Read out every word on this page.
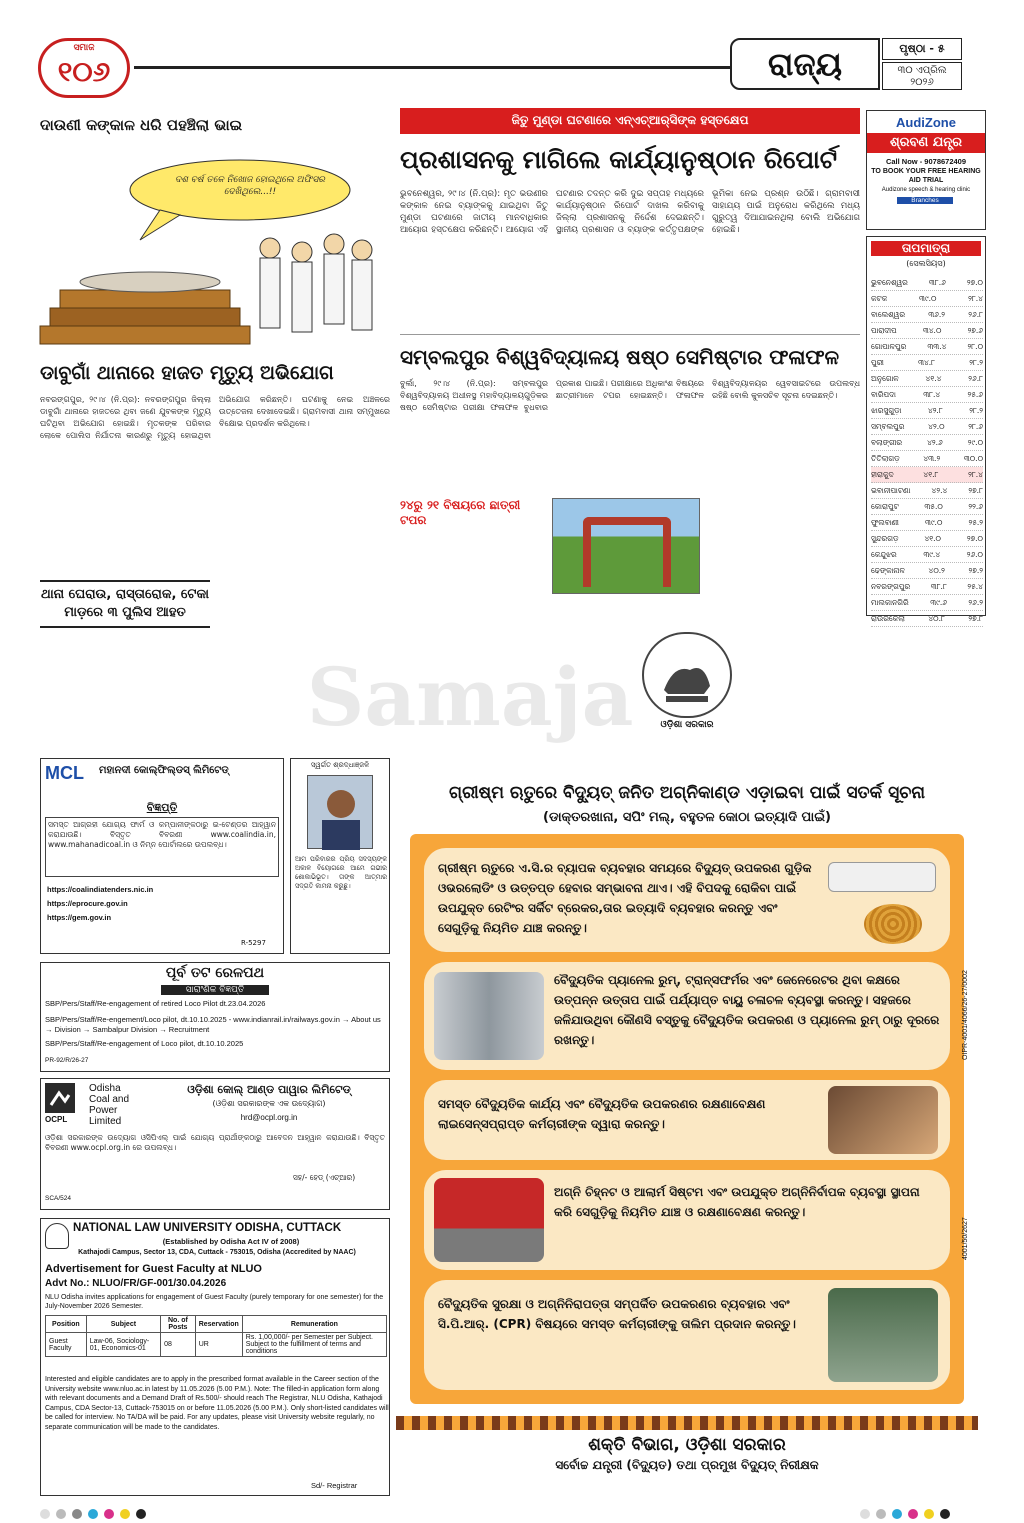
ସମାଜ
୧୦୬	ରାଜ୍ୟ	ପୃଷ୍ଠା - ୫
୩୦ ଏପ୍ରିଲ ୨୦୨୬
ଦାଉଣୀ କଙ୍କାଳ ଧରି ପହଞ୍ଚିଲା ଭାଇ
ଦଶ ବର୍ଷ ତଳେ ନିଖୋଜ ହୋଇଥିଲେ ଅଫିସର ଦେଖିଥିଲେ...!!
ଜିତୁ ମୁଣ୍ଡା ଘଟଣାରେ ଏନ୍‌ଏଚ୍‌ଆର୍‌ସିଙ୍କ ହସ୍ତକ୍ଷେପ
ପ୍ରଶାସନକୁ ମାଗିଲେ କାର୍ଯ୍ୟାନୁଷ୍ଠାନ ରିପୋର୍ଟ
ଭୁବନେଶ୍ୱର, ୨୯।୪ (ନି.ପ୍ର): ମୃତ ଭଉଣୀର କଙ୍କାଳ ନେଇ ବ୍ୟାଙ୍କକୁ ଯାଇଥିବା ଜିତୁ ମୁଣ୍ଡା ଘଟଣାରେ ଜାତୀୟ ମାନବାଧିକାର ଆୟୋଗ ହସ୍ତକ୍ଷେପ କରିଛନ୍ତି। ଆୟୋଗ ଏହି ଘଟଣାର ତଦନ୍ତ କରି ଦୁଇ ସପ୍ତାହ ମଧ୍ୟରେ କାର୍ଯ୍ୟାନୁଷ୍ଠାନ ରିପୋର୍ଟ ଦାଖଲ କରିବାକୁ ଜିଲ୍ଲା ପ୍ରଶାସନକୁ ନିର୍ଦ୍ଦେଶ ଦେଇଛନ୍ତି। ସ୍ଥାନୀୟ ପ୍ରଶାସନ ଓ ବ୍ୟାଙ୍କ କର୍ତ୍ତୃପକ୍ଷଙ୍କ ଭୂମିକା ନେଇ ପ୍ରଶ୍ନ ଉଠିଛି। ଗ୍ରାମବାସୀ ସାହାଯ୍ୟ ପାଇଁ ଅନୁରୋଧ କରିଥିଲେ ମଧ୍ୟ ଗୁରୁତ୍ୱ ଦିଆଯାଇନଥିଲା ବୋଲି ଅଭିଯୋଗ ହୋଇଛି।
AudiZone
ଶ୍ରବଣ ଯନ୍ତ୍ର
Call Now - 9078672409
TO BOOK YOUR FREE HEARING AID TRIAL
Audizone speech & hearing clinic
Branches
ତାପମାତ୍ରା
(ସେଲସିୟସ)
ଭୁବନେଶ୍ୱର	୩୮.୬	୨୭.୦
କଟକ	୩୯.୦	୨୮.୪
ବାଲେଶ୍ୱର	୩୬.୨	୨୬.୮
ପାରାଦୀପ	୩୪.୦	୨୭.୬
ଗୋପାଳପୁର	୩୩.୪	୨୮.୦
ପୁରୀ	୩୪.୮	୨୮.୨
ଅନୁଗୋଳ	୪୧.୪	୨୬.୮
ବାରିପଦା	୩୮.୪	୨୫.୬
ଝାରସୁଗୁଡ଼ା	୪୨.୮	୨୮.୨
ସମ୍ବଲପୁର	୪୨.୦	୨୮.୬
ବଲାଙ୍ଗୀର	୪୨.୬	୨୯.୦
ତିତିଲାଗଡ଼	୪୩.୨	୩୦.୦
ହୀରାକୁଦ	୪୧.୮	୨୮.୪
ଭବାନୀପାଟଣା	୪୨.୪	୨୭.୮
କୋରାପୁଟ	୩୫.୦	୨୨.୬
ଫୁଲବାଣୀ	୩୯.୦	୨୫.୨
ସୁନ୍ଦରଗଡ଼	୪୧.୦	୨୭.୦
କେନ୍ଦୁଝର	୩୯.୪	୨୬.୦
ଢେଙ୍କାନାଳ	୪୦.୨	୨୭.୨
ନବରଙ୍ଗପୁର	୩୮.୮	୨୫.୪
ମାଲକାନଗିରି	୩୯.୬	୨୬.୨
ରାଉରକେଲା	୪୦.୮	୨୭.୮
ଡାବୁଗାଁ ଥାନାରେ ହାଜତ ମୃତ୍ୟୁ ଅଭିଯୋଗ
ନବରଙ୍ଗପୁର, ୨୯।୪ (ନି.ପ୍ର): ନବରଙ୍ଗପୁର ଜିଲ୍ଲା ଡାବୁଗାଁ ଥାନାରେ ହାଜତରେ ଥିବା ଜଣେ ଯୁବକଙ୍କ ମୃତ୍ୟୁ ଘଟିଥିବା ଅଭିଯୋଗ ହୋଇଛି। ମୃତକଙ୍କ ପରିବାର ଲୋକେ ପୋଲିସ ନିର୍ଯାତନା କାରଣରୁ ମୃତ୍ୟୁ ହୋଇଥିବା ଅଭିଯୋଗ କରିଛନ୍ତି। ଘଟଣାକୁ ନେଇ ଅଞ୍ଚଳରେ ଉତ୍ତେଜନା ଦେଖାଦେଇଛି। ଗ୍ରାମବାସୀ ଥାନା ସମ୍ମୁଖରେ ବିକ୍ଷୋଭ ପ୍ରଦର୍ଶନ କରିଥିଲେ।
ଥାନା ଘେରାଉ, ରାସ୍ତାରୋକ, ଟେକା ମାଡ଼ରେ ୩ ପୁଲିସ ଆହତ
ସମ୍ବଲପୁର ବିଶ୍ୱବିଦ୍ୟାଳୟ ଷଷ୍ଠ ସେମିଷ୍ଟାର ଫଳାଫଳ
ବୁର୍ଲା, ୨୯।୪ (ନି.ପ୍ର): ସମ୍ବଲପୁର ବିଶ୍ୱବିଦ୍ୟାଳୟ ଅଧୀନସ୍ଥ ମହାବିଦ୍ୟାଳୟଗୁଡ଼ିକର ଷଷ୍ଠ ସେମିଷ୍ଟାର ପରୀକ୍ଷା ଫଳାଫଳ ବୁଧବାର ପ୍ରକାଶ ପାଇଛି। ପରୀକ୍ଷାରେ ଅଧିକାଂଶ ବିଷୟରେ ଛାତ୍ରୀମାନେ ଟପର ହୋଇଛନ୍ତି। ଫଳାଫଳ ବିଶ୍ୱବିଦ୍ୟାଳୟର ୱେବସାଇଟରେ ଉପଲବ୍ଧ ରହିଛି ବୋଲି କୁଳସଚିବ ସୂଚନା ଦେଇଛନ୍ତି।
୨୪ରୁ ୨୧ ବିଷୟରେ ଛାତ୍ରୀ ଟପର
Samaja
MCL	ମହାନଦୀ କୋଲ୍‌ଫିଲ୍ଡସ୍ ଲିମିଟେଡ୍
ବିଜ୍ଞପ୍ତି
ସମସ୍ତ ଆଗ୍ରହୀ ଯୋଗ୍ୟ ଫାର୍ମ ଓ କମ୍ପାନୀଙ୍କଠାରୁ ଇ-ଟେଣ୍ଡର ଆହ୍ୱାନ କରାଯାଉଛି। ବିସ୍ତୃତ ବିବରଣୀ www.coalindia.in, www.mahanadicoal.in ଓ ନିମ୍ନ ପୋର୍ଟାଲରେ ଉପଲବ୍ଧ।
https://coalindiatenders.nic.in
https://eprocure.gov.in
https://gem.gov.in
R-5297
ସ୍ୱର୍ଗତ ଶ୍ରଦ୍ଧାଞ୍ଜଳି
ଆମ ପରିବାରର ପ୍ରିୟ ସଦସ୍ୟଙ୍କ ଅକାଳ ବିୟୋଗରେ ଆମେ ଗଭୀର ଶୋକାଭିଭୂତ। ତାଙ୍କ ଆତ୍ମାର ସଦ୍‌ଗତି କାମନା କରୁଛୁ।
ପୂର୍ବ ତଟ ରେଳପଥ
ସାରାଂଶିକ ବିଜ୍ଞପ୍ତି
SBP/Pers/Staff/Re-engagement of retired Loco Pilot dt.23.04.2026
SBP/Pers/Staff/Re-engement/Loco pilot, dt.10.10.2025 - www.indianrail.in/railways.gov.in → About us → Division → Sambalpur Division → Recruitment
SBP/Pers/Staff/Re-engagement of Loco pilot, dt.10.10.2025
PR-92/R/26-27
OCPL
Odisha
Coal and
Power
Limited
ଓଡ଼ିଶା କୋଲ୍ ଆଣ୍ଡ ପାୱାର ଲିମିଟେଡ୍
(ଓଡ଼ିଶା ସରକାରଙ୍କ ଏକ ଉଦ୍ୟୋଗ)
hrd@ocpl.org.in
ଓଡ଼ିଶା ସରକାରଙ୍କ ଉଦ୍ୟୋଗ ଓସିପିଏଲ୍ ପାଇଁ ଯୋଗ୍ୟ ପ୍ରାର୍ଥୀଙ୍କଠାରୁ ଆବେଦନ ଆହ୍ୱାନ କରାଯାଉଛି। ବିସ୍ତୃତ ବିବରଣୀ www.ocpl.org.in ରେ ଉପଲବ୍ଧ।
ସହ/- ହେଡ୍ (ଏଚ୍‌ଆର)
SCA/524
NATIONAL LAW UNIVERSITY ODISHA, CUTTACK
(Established by Odisha Act IV of 2008)
Kathajodi Campus, Sector 13, CDA, Cuttack - 753015, Odisha (Accredited by NAAC)
Advertisement for Guest Faculty at NLUO
Advt No.: NLUO/FR/GF-001/30.04.2026
NLU Odisha invites applications for engagement of Guest Faculty (purely temporary for one semester) for the July-November 2026 Semester.
Position	Subject	No. of Posts	Reservation	Remuneration
Guest Faculty	Law-06, Sociology-01, Economics-01	08	UR	Rs. 1,00,000/- per Semester per Subject. Subject to the fulfillment of terms and conditions
Interested and eligible candidates are to apply in the prescribed format available in the Career section of the University website www.nluo.ac.in latest by 11.05.2026 (5.00 P.M.). Note: The filled-in application form along with relevant documents and a Demand Draft of Rs.500/- should reach The Registrar, NLU Odisha, Kathajodi Campus, CDA Sector-13, Cuttack-753015 on or before 11.05.2026 (5.00 P.M.). Only short-listed candidates will be called for interview. No TA/DA will be paid. For any updates, please visit University website regularly, no separate communication will be made to the candidates.
Sd/- Registrar
ଓଡ଼ିଶା ସରକାର
ଗ୍ରୀଷ୍ମ ଋତୁରେ ବିଦ୍ୟୁତ୍ ଜନିତ ଅଗ୍ନିକାଣ୍ଡ ଏଡ଼ାଇବା ପାଇଁ ସତର୍କ ସୂଚନା
(ଡାକ୍ତରଖାନା, ସପିଂ ମଲ୍, ବହୁତଳ କୋଠା ଇତ୍ୟାଦି ପାଇଁ)
ଗ୍ରୀଷ୍ମ ଋତୁରେ ଏ.ସି.ର ବ୍ୟାପକ ବ୍ୟବହାର ସମୟରେ ବିଦ୍ୟୁତ୍ ଉପକରଣ ଗୁଡ଼ିକ ଓଭରଲୋଡିଂ ଓ ଉତ୍ତପ୍ତ ହେବାର ସମ୍ଭାବନା ଥାଏ। ଏହି ବିପଦକୁ ରୋକିବା ପାଇଁ ଉପଯୁକ୍ତ ରେଟିଂର ସର୍କିଟ ବ୍ରେକର,ତାର ଇତ୍ୟାଦି ବ୍ୟବହାର କରନ୍ତୁ ଏବଂ ସେଗୁଡ଼ିକୁ ନିୟମିତ ଯାଞ୍ଚ କରନ୍ତୁ।
ବୈଦ୍ୟୁତିକ ପ୍ୟାନେଲ ରୁମ୍, ଟ୍ରାନ୍ସଫର୍ମର ଏବଂ ଜେନେରେଟର ଥିବା କକ୍ଷରେ ଉତ୍ପନ୍ନ ଉତ୍ତାପ ପାଇଁ ପର୍ଯ୍ୟାପ୍ତ ବାୟୁ ଚଳାଚଳ ବ୍ୟବସ୍ଥା କରନ୍ତୁ। ସହଜରେ ଜଳିଯାଉଥିବା କୌଣସି ବସ୍ତୁକୁ ବୈଦ୍ୟୁତିକ ଉପକରଣ ଓ ପ୍ୟାନେଲ ରୁମ୍ ଠାରୁ ଦୂରରେ ରଖନ୍ତୁ।
ସମସ୍ତ ବୈଦ୍ୟୁତିକ କାର୍ଯ୍ୟ ଏବଂ ବୈଦ୍ୟୁତିକ ଉପକରଣର ରକ୍ଷଣାବେକ୍ଷଣ ଲାଇସେନ୍ସପ୍ରାପ୍ତ କର୍ମଚାରୀଙ୍କ ଦ୍ୱାରା କରନ୍ତୁ।
ଅଗ୍ନି ଚିହ୍ନଟ ଓ ଆଲାର୍ମ ସିଷ୍ଟମ ଏବଂ ଉପଯୁକ୍ତ ଅଗ୍ନିନିର୍ବାପକ ବ୍ୟବସ୍ଥା ସ୍ଥାପନା କରି ସେଗୁଡ଼ିକୁ ନିୟମିତ ଯାଞ୍ଚ ଓ ରକ୍ଷଣାବେକ୍ଷଣ କରନ୍ତୁ।
ବୈଦ୍ୟୁତିକ ସୁରକ୍ଷା ଓ ଅଗ୍ନିନିରାପତ୍ତା ସମ୍ପର୍କିତ ଉପକରଣର ବ୍ୟବହାର ଏବଂ ସି.ପି.ଆର୍. (CPR) ବିଷୟରେ ସମସ୍ତ କର୍ମଚାରୀଙ୍କୁ ତାଲିମ ପ୍ରଦାନ କରନ୍ତୁ।
ଶକ୍ତି ବିଭାଗ, ଓଡ଼ିଶା ସରକାର
ସର୍ବୋଚ୍ଚ ଯନ୍ତ୍ରୀ (ବିଦ୍ୟୁତ) ତଥା ପ୍ରମୁଖ ବିଦ୍ୟୁତ୍ ନିରୀକ୍ଷକ
OIPR-4001/4066/26-27/0002
4001/50/2627
